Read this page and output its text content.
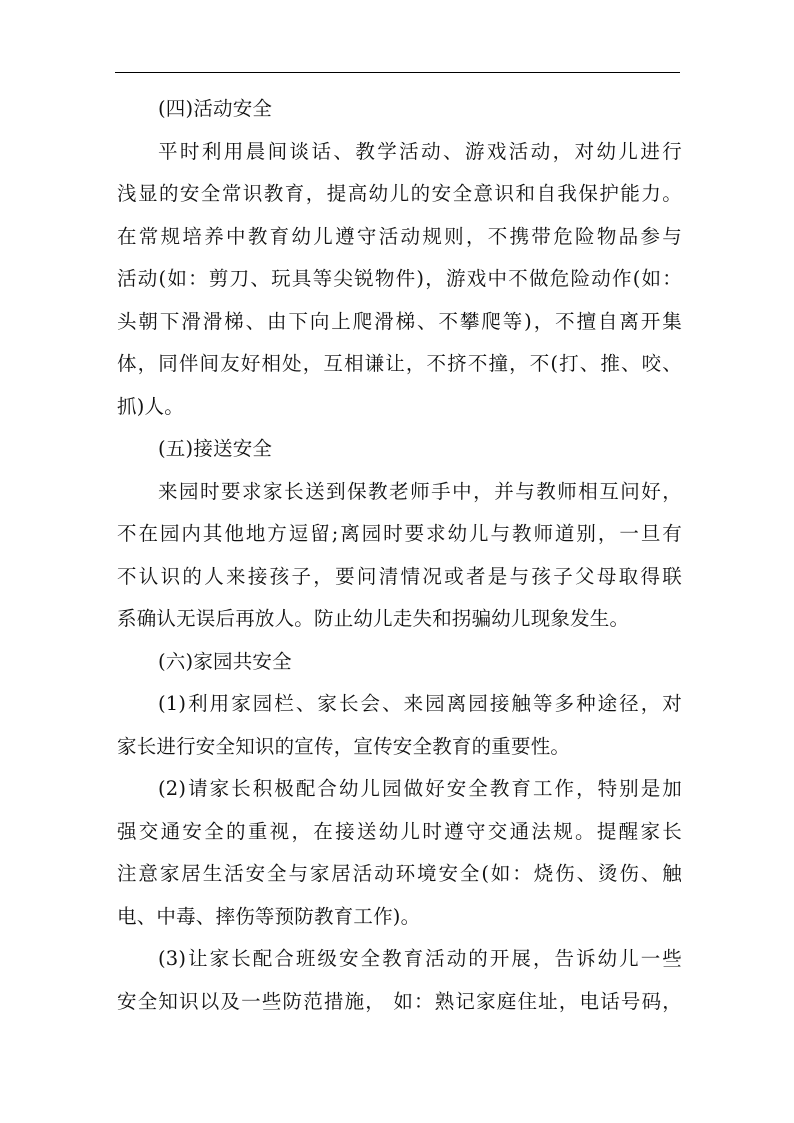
(四)活动安全
平时利用晨间谈话、教学活动、游戏活动，对幼儿进行
浅显的安全常识教育，提高幼儿的安全意识和自我保护能力。
在常规培养中教育幼儿遵守活动规则，不携带危险物品参与
活动(如：剪刀、玩具等尖锐物件)，游戏中不做危险动作(如：
头朝下滑滑梯、由下向上爬滑梯、不攀爬等)，不擅自离开集
体，同伴间友好相处，互相谦让，不挤不撞，不(打、推、咬、
抓)人。
(五)接送安全
来园时要求家长送到保教老师手中，并与教师相互问好，
不在园内其他地方逗留;离园时要求幼儿与教师道别，一旦有
不认识的人来接孩子，要问清情况或者是与孩子父母取得联
系确认无误后再放人。防止幼儿走失和拐骗幼儿现象发生。
(六)家园共安全
(1)利用家园栏、家长会、来园离园接触等多种途径，对
家长进行安全知识的宣传，宣传安全教育的重要性。
(2)请家长积极配合幼儿园做好安全教育工作，特别是加
强交通安全的重视，在接送幼儿时遵守交通法规。提醒家长
注意家居生活安全与家居活动环境安全(如：烧伤、烫伤、触
电、中毒、摔伤等预防教育工作)。
(3)让家长配合班级安全教育活动的开展，告诉幼儿一些
安全知识以及一些防范措施， 如：熟记家庭住址，电话号码，
